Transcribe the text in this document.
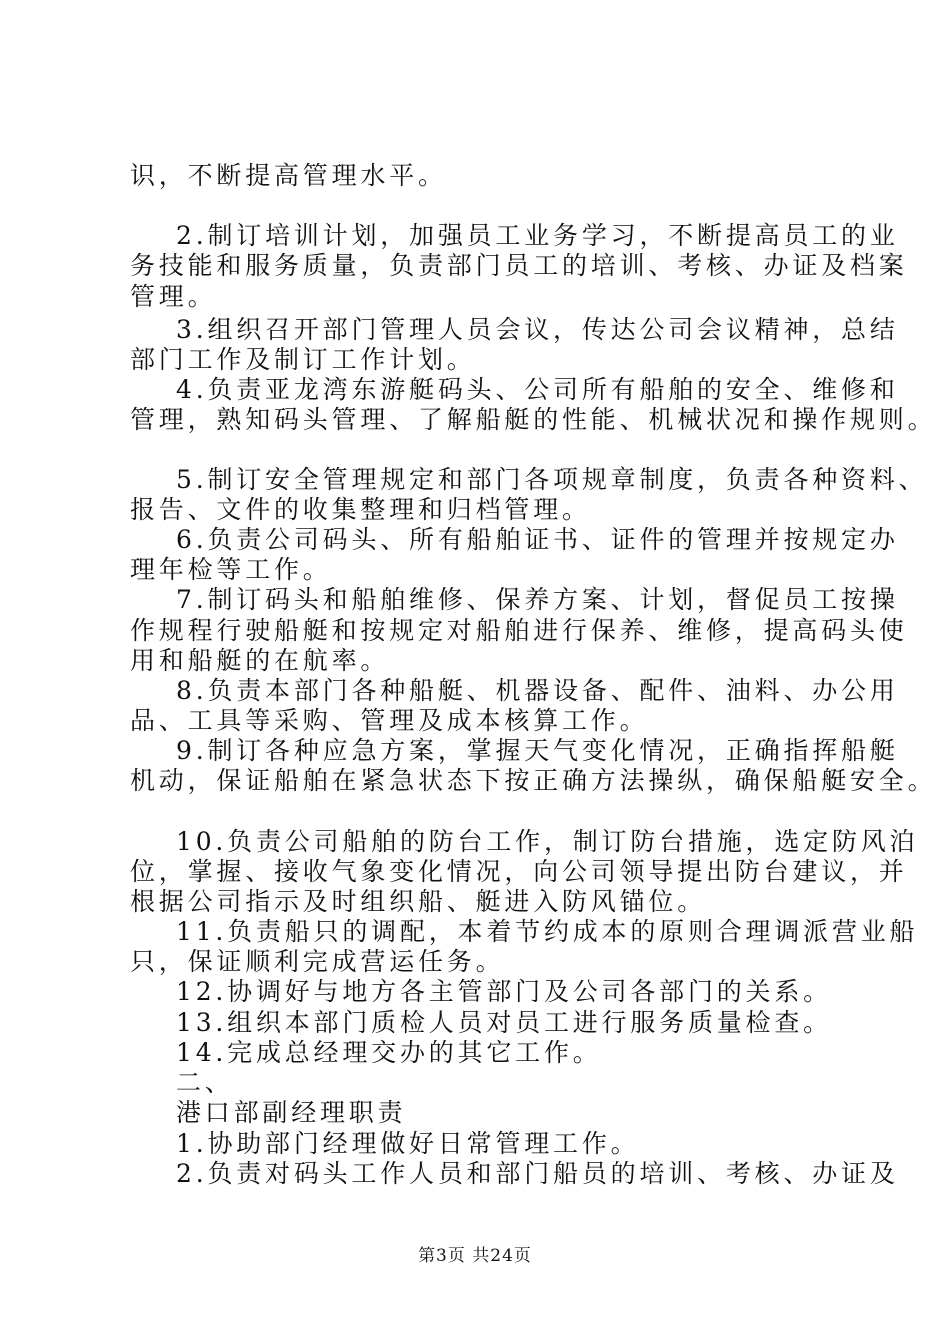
识，不断提高管理水平。
2.制订培训计划，加强员工业务学习，不断提高员工的业
务技能和服务质量，负责部门员工的培训、考核、办证及档案
管理。
3.组织召开部门管理人员会议，传达公司会议精神，总结
部门工作及制订工作计划。
4.负责亚龙湾东游艇码头、公司所有船舶的安全、维修和
管理，熟知码头管理、了解船艇的性能、机械状况和操作规则。
5.制订安全管理规定和部门各项规章制度，负责各种资料、
报告、文件的收集整理和归档管理。
6.负责公司码头、所有船舶证书、证件的管理并按规定办
理年检等工作。
7.制订码头和船舶维修、保养方案、计划，督促员工按操
作规程行驶船艇和按规定对船舶进行保养、维修，提高码头使
用和船艇的在航率。
8.负责本部门各种船艇、机器设备、配件、油料、办公用
品、工具等采购、管理及成本核算工作。
9.制订各种应急方案，掌握天气变化情况，正确指挥船艇
机动，保证船舶在紧急状态下按正确方法操纵，确保船艇安全。
10.负责公司船舶的防台工作，制订防台措施，选定防风泊
位，掌握、接收气象变化情况，向公司领导提出防台建议，并
根据公司指示及时组织船、艇进入防风锚位。
11.负责船只的调配，本着节约成本的原则合理调派营业船
只，保证顺利完成营运任务。
12.协调好与地方各主管部门及公司各部门的关系。
13.组织本部门质检人员对员工进行服务质量检查。
14.完成总经理交办的其它工作。
二、
港口部副经理职责
1.协助部门经理做好日常管理工作。
2.负责对码头工作人员和部门船员的培训、考核、办证及
第3页 共24页
